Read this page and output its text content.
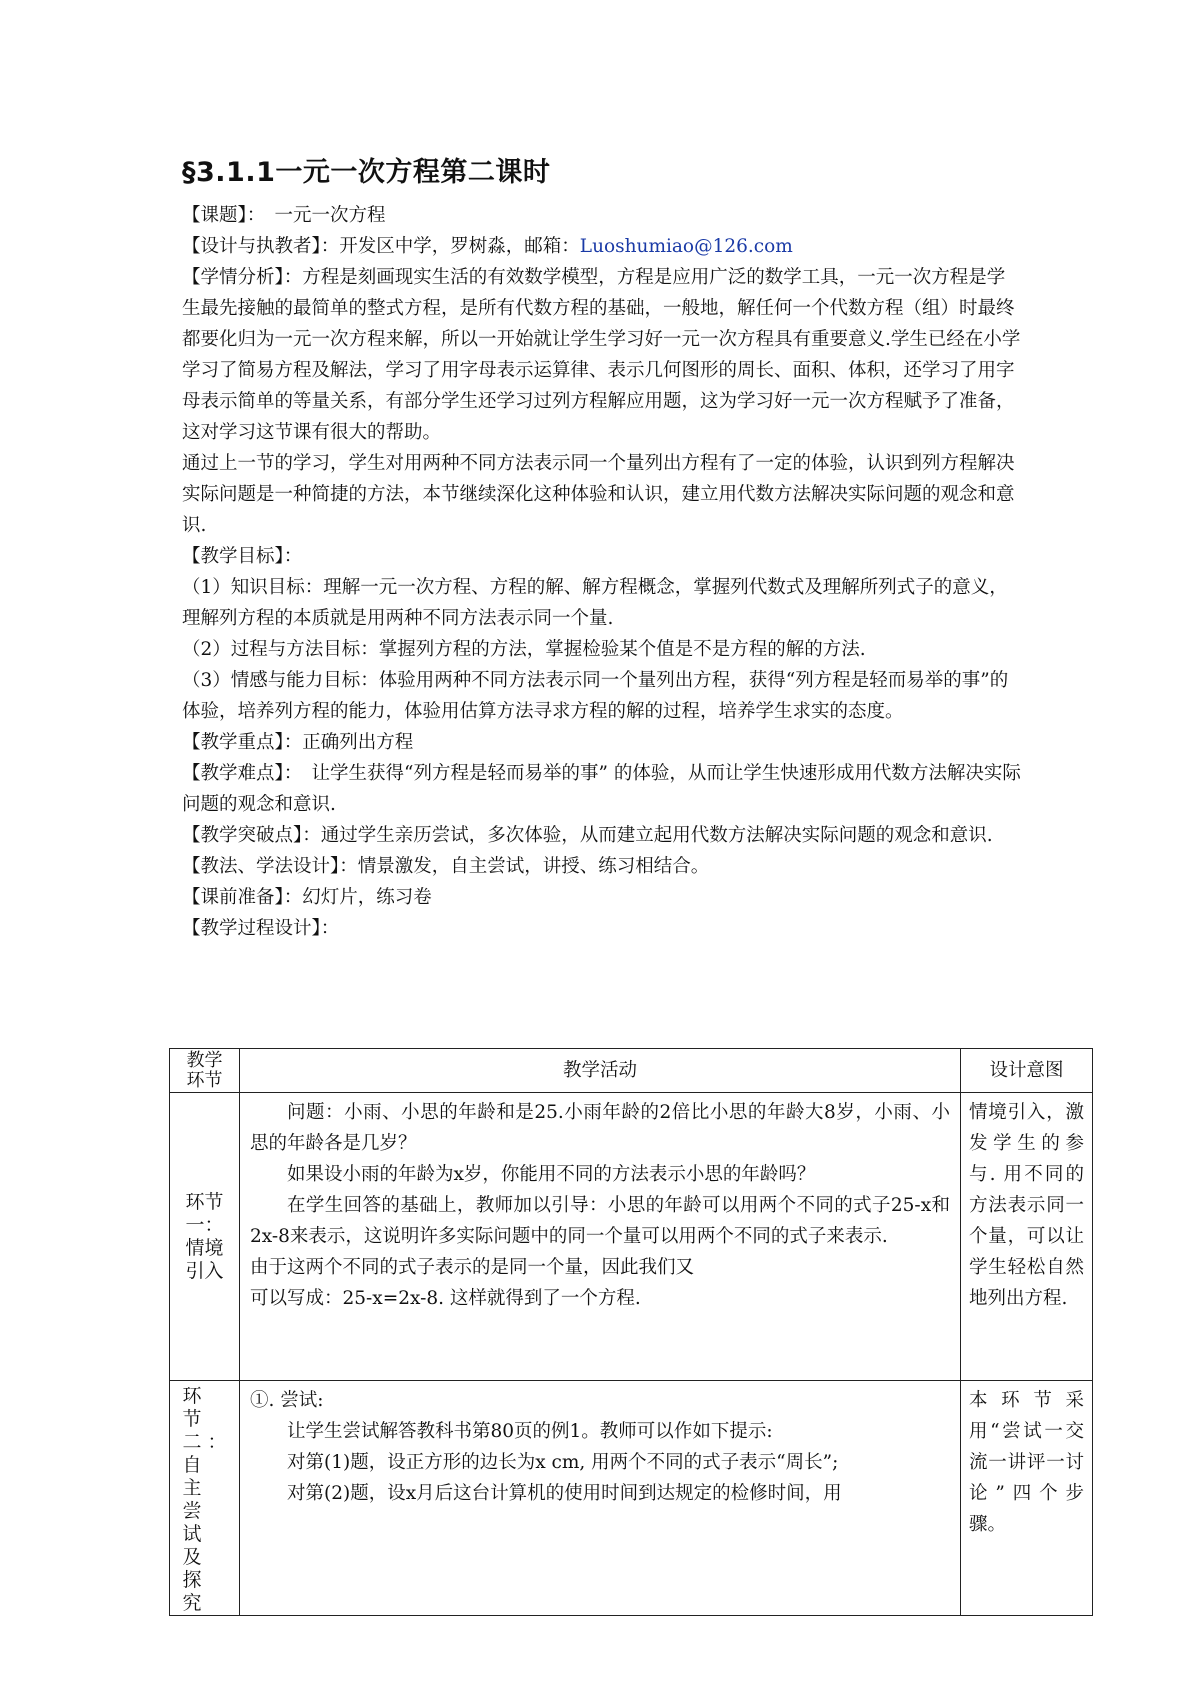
§3.1.1一元一次方程第二课时

【课题】：　一元一次方程

【设计与执教者】：开发区中学，罗树淼，邮箱：Luoshumiao@126.com

【学情分析】：方程是刻画现实生活的有效数学模型，方程是应用广泛的数学工具，一元一次方程是学生最先接触的最简单的整式方程，是所有代数方程的基础，一般地，解任何一个代数方程（组）时最终都要化归为一元一次方程来解，所以一开始就让学生学习好一元一次方程具有重要意义.学生已经在小学学习了简易方程及解法，学习了用字母表示运算律、表示几何图形的周长、面积、体积，还学习了用字母表示简单的等量关系，有部分学生还学习过列方程解应用题，这为学习好一元一次方程赋予了准备，这对学习这节课有很大的帮助。

通过上一节的学习，学生对用两种不同方法表示同一个量列出方程有了一定的体验，认识到列方程解决实际问题是一种简捷的方法，本节继续深化这种体验和认识，建立用代数方法解决实际问题的观念和意识.

【教学目标】：

（1）知识目标：理解一元一次方程、方程的解、解方程概念，掌握列代数式及理解所列式子的意义，理解列方程的本质就是用两种不同方法表示同一个量.

（2）过程与方法目标：掌握列方程的方法，掌握检验某个值是不是方程的解的方法.

（3）情感与能力目标：体验用两种不同方法表示同一个量列出方程，获得“列方程是轻而易举的事”的体验，培养列方程的能力，体验用估算方法寻求方程的解的过程，培养学生求实的态度。

【教学重点】：正确列出方程

【教学难点】：　让学生获得“列方程是轻而易举的事” 的体验，从而让学生快速形成用代数方法解决实际问题的观念和意识.

【教学突破点】：通过学生亲历尝试，多次体验，从而建立起用代数方法解决实际问题的观念和意识.

【教法、学法设计】：情景激发，自主尝试，讲授、练习相结合。

【课前准备】：幻灯片，练习卷

【教学过程设计】：

教学环节	教学活动	设计意图
环节一：情境引入	问题：小雨、小思的年龄和是25.小雨年龄的2倍比小思的年龄大8岁，小雨、小思的年龄各是几岁？

如果设小雨的年龄为x岁，你能用不同的方法表示小思的年龄吗？

在学生回答的基础上，教师加以引导：小思的年龄可以用两个不同的式子25-x和2x-8来表示，这说明许多实际问题中的同一个量可以用两个不同的式子来表示.

由于这两个不同的式子表示的是同一个量，因此我们又

可以写成：25-x=2x-8. 这样就得到了一个方程.	情境引入，激发学生的参与. 用不同的方法表示同一个量，可以让学生轻松自然地列出方程.
环节二：自主尝试及探究	①. 尝试:

让学生尝试解答教科书第80页的例1。教师可以作如下提示:

对第(1)题，设正方形的边长为x cm, 用两个不同的式子表示“周长”;

对第(2)题，设x月后这台计算机的使用时间到达规定的检修时间，用	本环节采用“尝试一交流一讲评一讨论”四个步骤。
